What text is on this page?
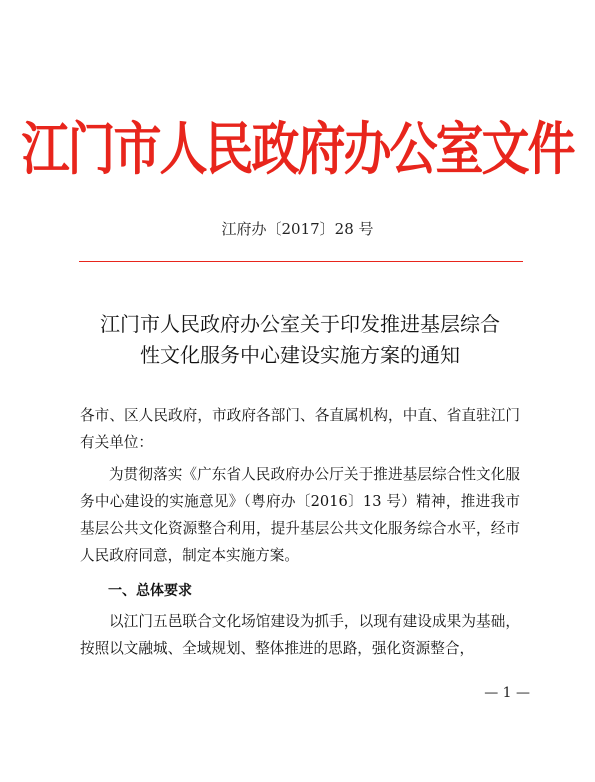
江门市人民政府办公室文件
江府办〔2017〕28 号
江门市人民政府办公室关于印发推进基层综合
性文化服务中心建设实施方案的通知
各市、区人民政府，市政府各部门、各直属机构，中直、省直驻江门有关单位：
为贯彻落实《广东省人民政府办公厅关于推进基层综合性文化服务中心建设的实施意见》（粤府办〔2016〕13 号）精神，推进我市基层公共文化资源整合利用，提升基层公共文化服务综合水平，经市人民政府同意，制定本实施方案。
一、总体要求
以江门五邑联合文化场馆建设为抓手，以现有建设成果为基础，按照以文融城、全域规划、整体推进的思路，强化资源整合，
— 1 —
